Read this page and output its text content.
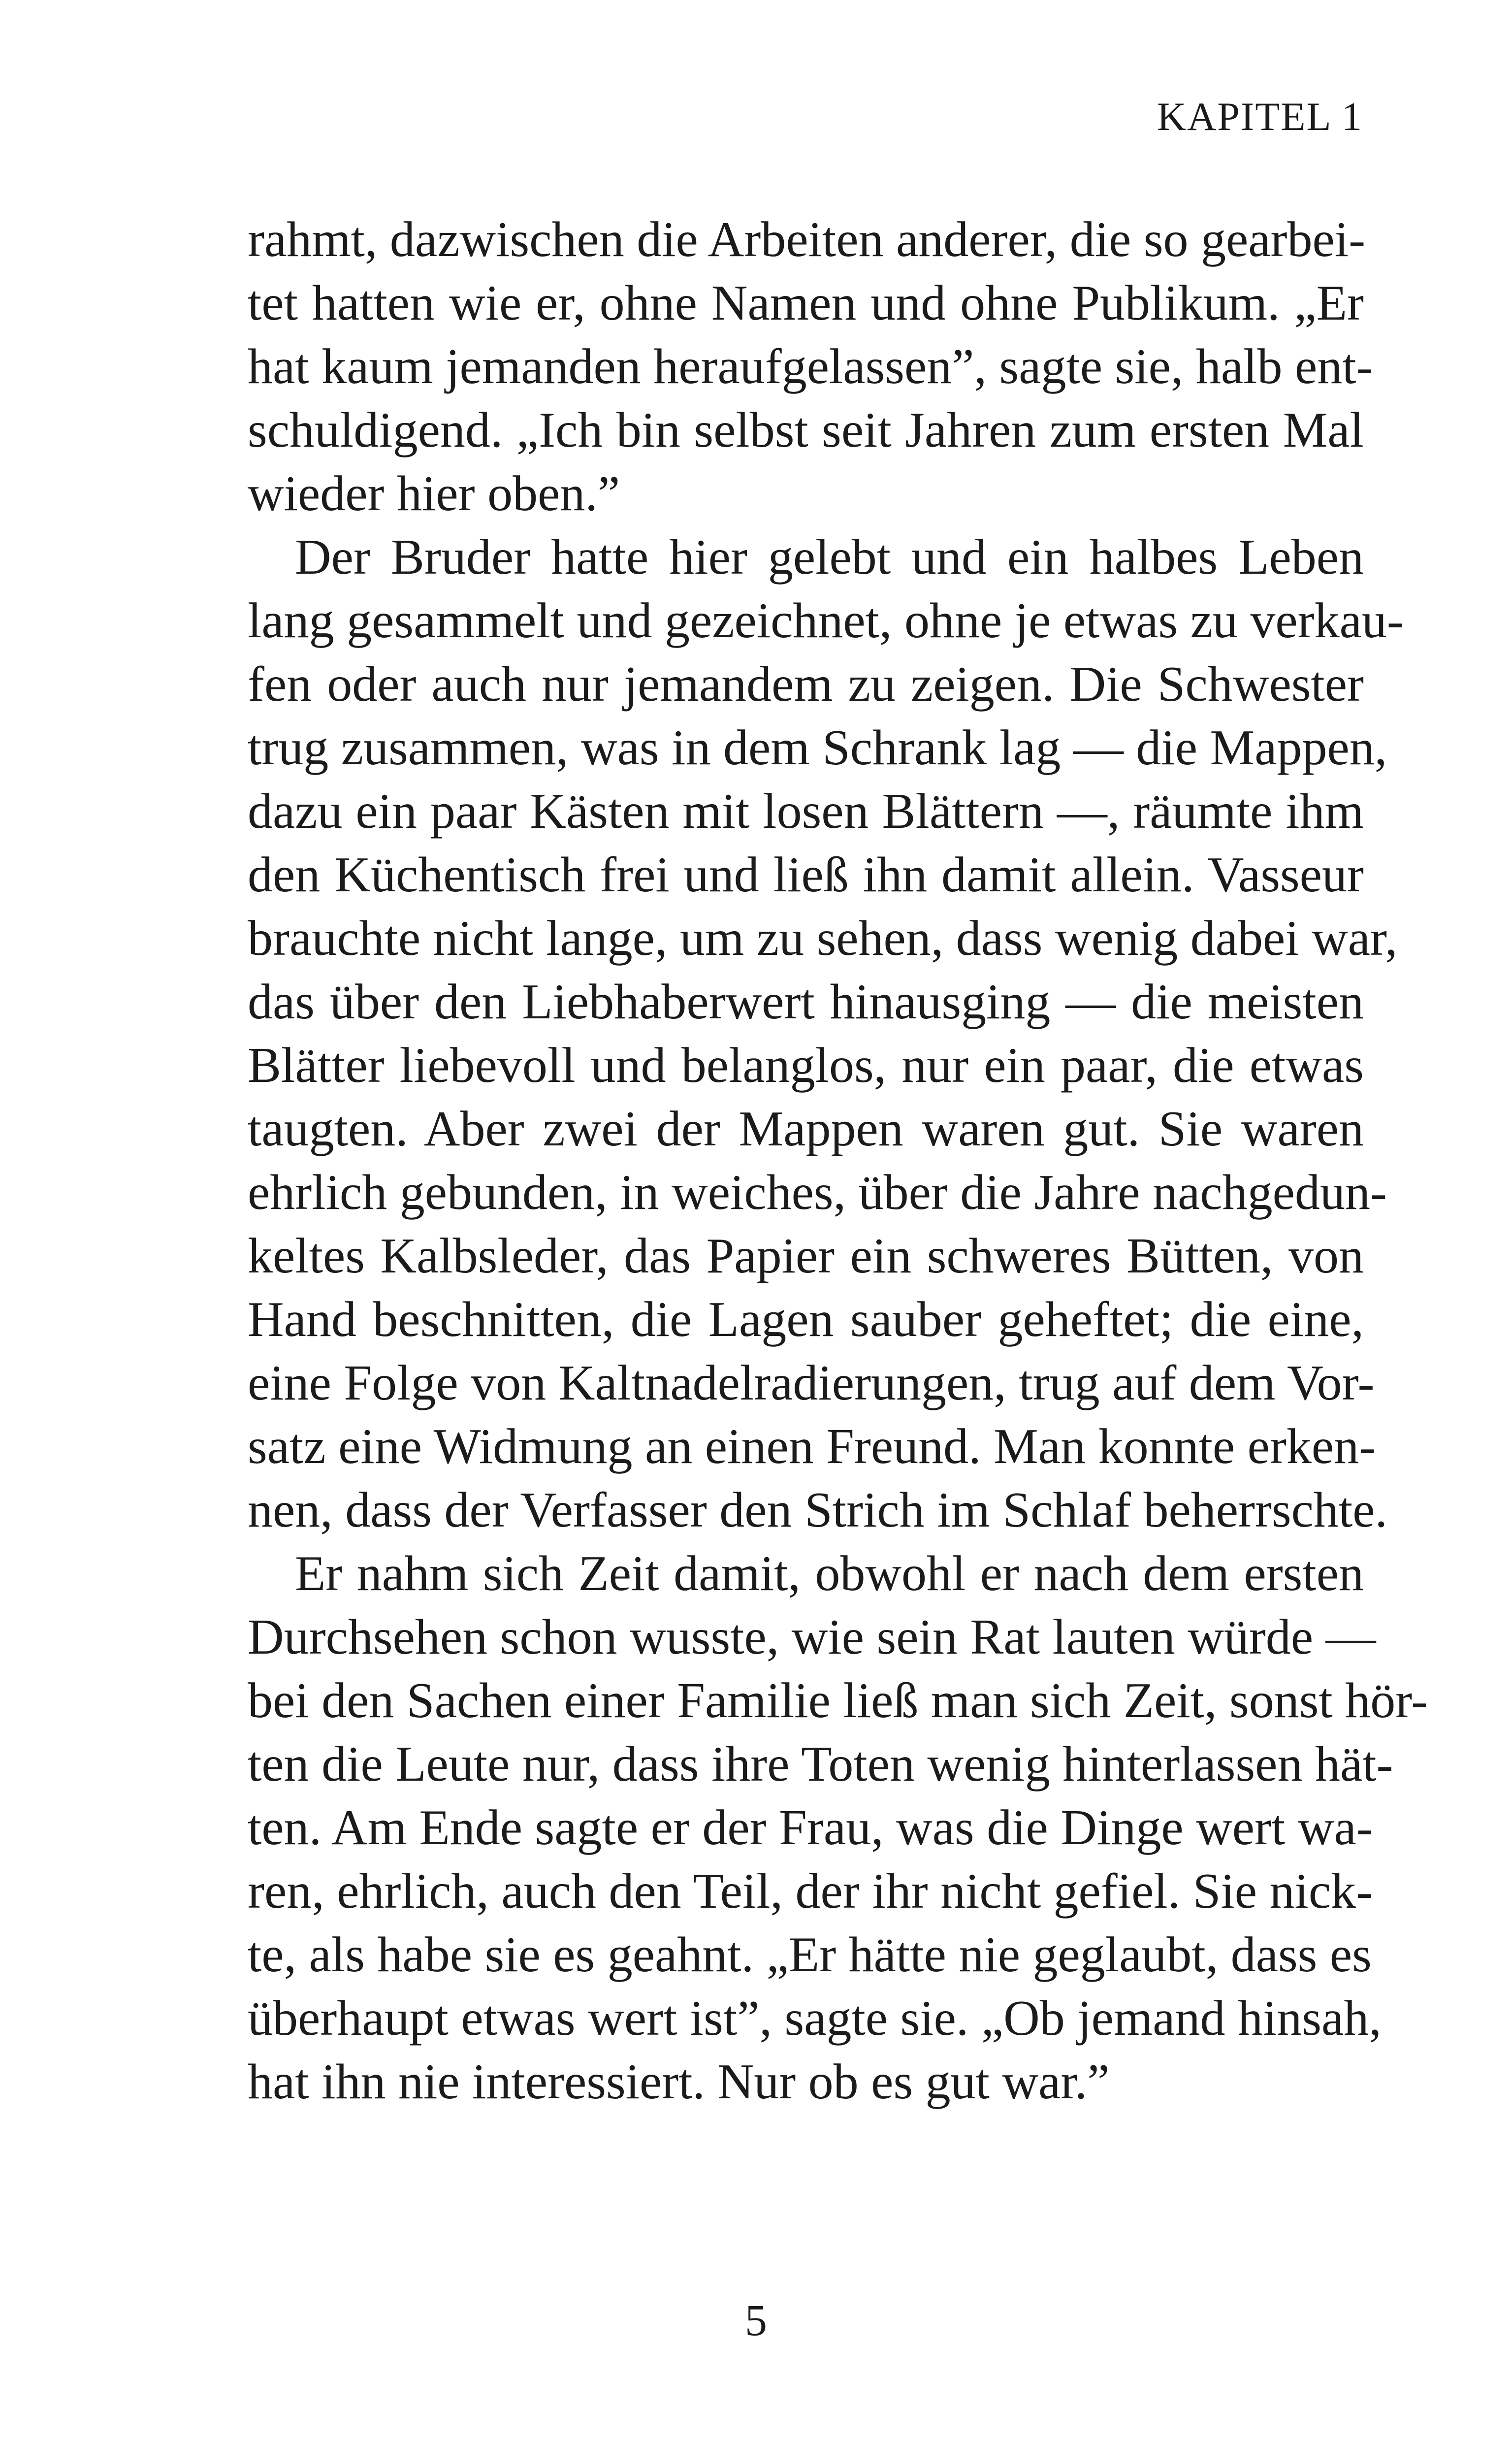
KAPITEL 1
rahmt, dazwischen die Arbeiten anderer, die so gearbei-
tet hatten wie er, ohne Namen und ohne Publikum. „Er
hat kaum jemanden heraufgelassen”, sagte sie, halb ent-
schuldigend. „Ich bin selbst seit Jahren zum ersten Mal
wieder hier oben.”
Der Bruder hatte hier gelebt und ein halbes Leben
lang gesammelt und gezeichnet, ohne je etwas zu verkau-
fen oder auch nur jemandem zu zeigen. Die Schwester
trug zusammen, was in dem Schrank lag — die Mappen,
dazu ein paar Kästen mit losen Blättern —, räumte ihm
den Küchentisch frei und ließ ihn damit allein. Vasseur
brauchte nicht lange, um zu sehen, dass wenig dabei war,
das über den Liebhaberwert hinausging — die meisten
Blätter liebevoll und belanglos, nur ein paar, die etwas
taugten. Aber zwei der Mappen waren gut. Sie waren
ehrlich gebunden, in weiches, über die Jahre nachgedun-
keltes Kalbsleder, das Papier ein schweres Bütten, von
Hand beschnitten, die Lagen sauber geheftet; die eine,
eine Folge von Kaltnadelradierungen, trug auf dem Vor-
satz eine Widmung an einen Freund. Man konnte erken-
nen, dass der Verfasser den Strich im Schlaf beherrschte.
Er nahm sich Zeit damit, obwohl er nach dem ersten
Durchsehen schon wusste, wie sein Rat lauten würde —
bei den Sachen einer Familie ließ man sich Zeit, sonst hör-
ten die Leute nur, dass ihre Toten wenig hinterlassen hät-
ten. Am Ende sagte er der Frau, was die Dinge wert wa-
ren, ehrlich, auch den Teil, der ihr nicht gefiel. Sie nick-
te, als habe sie es geahnt. „Er hätte nie geglaubt, dass es
überhaupt etwas wert ist”, sagte sie. „Ob jemand hinsah,
hat ihn nie interessiert. Nur ob es gut war.”
5
